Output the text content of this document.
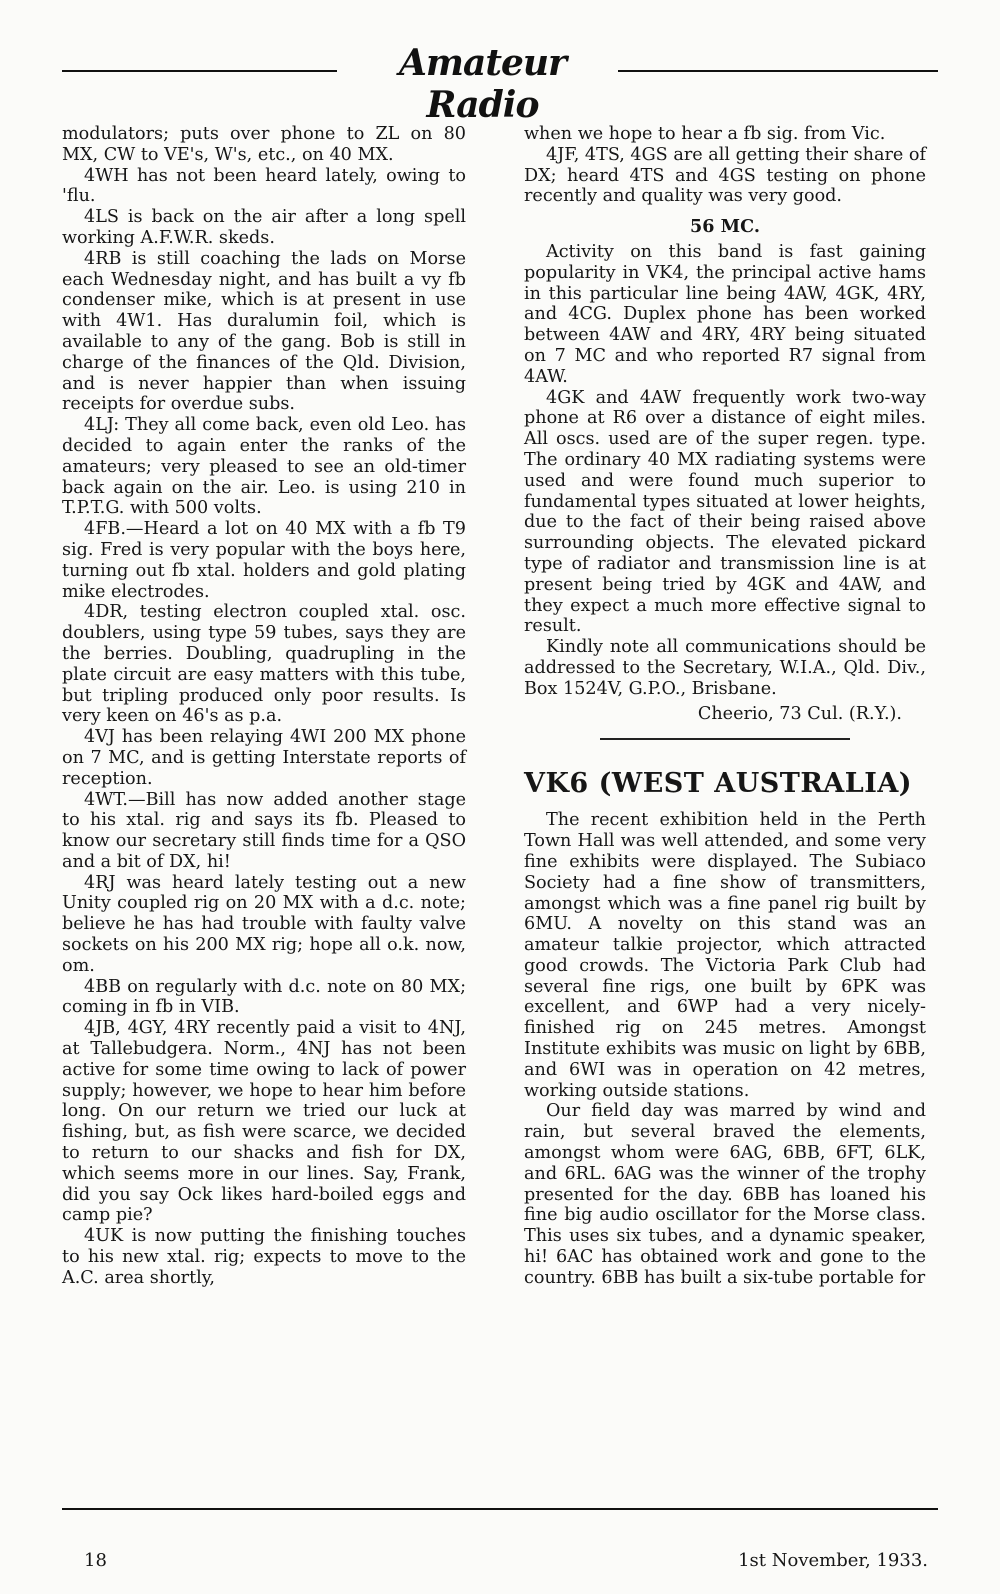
Amateur Radio

modulators; puts over phone to ZL on 80 MX, CW to VE's, W's, etc., on 40 MX.

4WH has not been heard lately, owing to 'flu.

4LS is back on the air after a long spell working A.F.W.R. skeds.

4RB is still coaching the lads on Morse each Wednesday night, and has built a vy fb condenser mike, which is at present in use with 4W1. Has duralumin foil, which is available to any of the gang. Bob is still in charge of the finances of the Qld. Division, and is never happier than when issuing receipts for overdue subs.

4LJ: They all come back, even old Leo. has decided to again enter the ranks of the amateurs; very pleased to see an old-timer back again on the air. Leo. is using 210 in T.P.T.G. with 500 volts.

4FB.—Heard a lot on 40 MX with a fb T9 sig. Fred is very popular with the boys here, turning out fb xtal. holders and gold plating mike electrodes.

4DR, testing electron coupled xtal. osc. doublers, using type 59 tubes, says they are the berries. Doubling, quadrupling in the plate circuit are easy matters with this tube, but tripling produced only poor results. Is very keen on 46's as p.a.

4VJ has been relaying 4WI 200 MX phone on 7 MC, and is getting Interstate reports of reception.

4WT.—Bill has now added another stage to his xtal. rig and says its fb. Pleased to know our secretary still finds time for a QSO and a bit of DX, hi!

4RJ was heard lately testing out a new Unity coupled rig on 20 MX with a d.c. note; believe he has had trouble with faulty valve sockets on his 200 MX rig; hope all o.k. now, om.

4BB on regularly with d.c. note on 80 MX; coming in fb in VIB.

4JB, 4GY, 4RY recently paid a visit to 4NJ, at Tallebudgera. Norm., 4NJ has not been active for some time owing to lack of power supply; however, we hope to hear him before long. On our return we tried our luck at fishing, but, as fish were scarce, we decided to return to our shacks and fish for DX, which seems more in our lines. Say, Frank, did you say Ock likes hard-boiled eggs and camp pie?

4UK is now putting the finishing touches to his new xtal. rig; expects to move to the A.C. area shortly,

when we hope to hear a fb sig. from Vic.

4JF, 4TS, 4GS are all getting their share of DX; heard 4TS and 4GS testing on phone recently and quality was very good.

56 MC.

Activity on this band is fast gaining popularity in VK4, the principal active hams in this particular line being 4AW, 4GK, 4RY, and 4CG. Duplex phone has been worked between 4AW and 4RY, 4RY being situated on 7 MC and who reported R7 signal from 4AW.

4GK and 4AW frequently work two-way phone at R6 over a distance of eight miles. All oscs. used are of the super regen. type. The ordinary 40 MX radiating systems were used and were found much superior to fundamental types situated at lower heights, due to the fact of their being raised above surrounding objects. The elevated pickard type of radiator and transmission line is at present being tried by 4GK and 4AW, and they expect a much more effective signal to result.

Kindly note all communications should be addressed to the Secretary, W.I.A., Qld. Div., Box 1524V, G.P.O., Brisbane.

Cheerio, 73 Cul. (R.Y.).

VK6 (WEST AUSTRALIA)

The recent exhibition held in the Perth Town Hall was well attended, and some very fine exhibits were displayed. The Subiaco Society had a fine show of transmitters, amongst which was a fine panel rig built by 6MU. A novelty on this stand was an amateur talkie projector, which attracted good crowds. The Victoria Park Club had several fine rigs, one built by 6PK was excellent, and 6WP had a very nicely-finished rig on 245 metres. Amongst Institute exhibits was music on light by 6BB, and 6WI was in operation on 42 metres, working outside stations.

Our field day was marred by wind and rain, but several braved the elements, amongst whom were 6AG, 6BB, 6FT, 6LK, and 6RL. 6AG was the winner of the trophy presented for the day. 6BB has loaned his fine big audio oscillator for the Morse class. This uses six tubes, and a dynamic speaker, hi! 6AC has obtained work and gone to the country. 6BB has built a six-tube portable for

18	1st November, 1933.
